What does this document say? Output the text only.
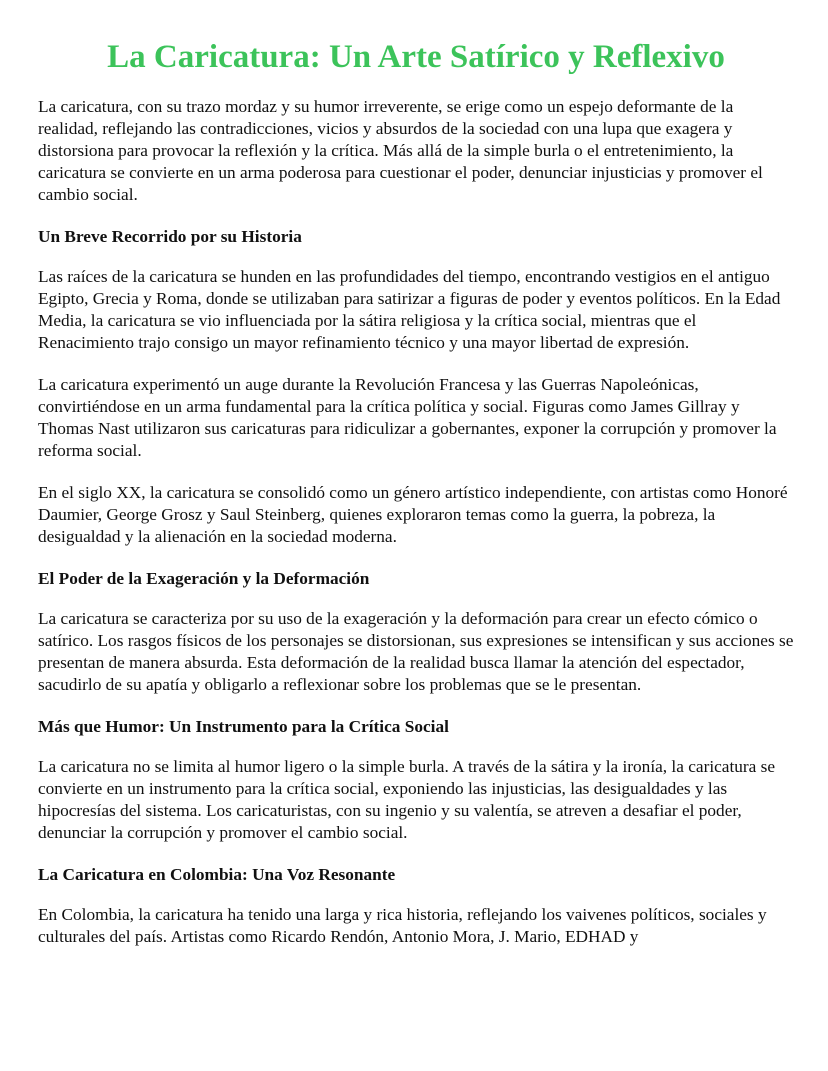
La Caricatura: Un Arte Satírico y Reflexivo

La caricatura, con su trazo mordaz y su humor irreverente, se erige como un espejo deformante de la realidad, reflejando las contradicciones, vicios y absurdos de la sociedad con una lupa que exagera y distorsiona para provocar la reflexión y la crítica. Más allá de la simple burla o el entretenimiento, la caricatura se convierte en un arma poderosa para cuestionar el poder, denunciar injusticias y promover el cambio social.

Un Breve Recorrido por su Historia

Las raíces de la caricatura se hunden en las profundidades del tiempo, encontrando vestigios en el antiguo Egipto, Grecia y Roma, donde se utilizaban para satirizar a figuras de poder y eventos políticos. En la Edad Media, la caricatura se vio influenciada por la sátira religiosa y la crítica social, mientras que el Renacimiento trajo consigo un mayor refinamiento técnico y una mayor libertad de expresión.

La caricatura experimentó un auge durante la Revolución Francesa y las Guerras Napoleónicas, convirtiéndose en un arma fundamental para la crítica política y social. Figuras como James Gillray y Thomas Nast utilizaron sus caricaturas para ridiculizar a gobernantes, exponer la corrupción y promover la reforma social.

En el siglo XX, la caricatura se consolidó como un género artístico independiente, con artistas como Honoré Daumier, George Grosz y Saul Steinberg, quienes exploraron temas como la guerra, la pobreza, la desigualdad y la alienación en la sociedad moderna.

El Poder de la Exageración y la Deformación

La caricatura se caracteriza por su uso de la exageración y la deformación para crear un efecto cómico o satírico. Los rasgos físicos de los personajes se distorsionan, sus expresiones se intensifican y sus acciones se presentan de manera absurda. Esta deformación de la realidad busca llamar la atención del espectador, sacudirlo de su apatía y obligarlo a reflexionar sobre los problemas que se le presentan.

Más que Humor: Un Instrumento para la Crítica Social

La caricatura no se limita al humor ligero o la simple burla. A través de la sátira y la ironía, la caricatura se convierte en un instrumento para la crítica social, exponiendo las injusticias, las desigualdades y las hipocresías del sistema. Los caricaturistas, con su ingenio y su valentía, se atreven a desafiar el poder, denunciar la corrupción y promover el cambio social.

La Caricatura en Colombia: Una Voz Resonante

En Colombia, la caricatura ha tenido una larga y rica historia, reflejando los vaivenes políticos, sociales y culturales del país. Artistas como Ricardo Rendón, Antonio Mora, J. Mario, EDHAD y
